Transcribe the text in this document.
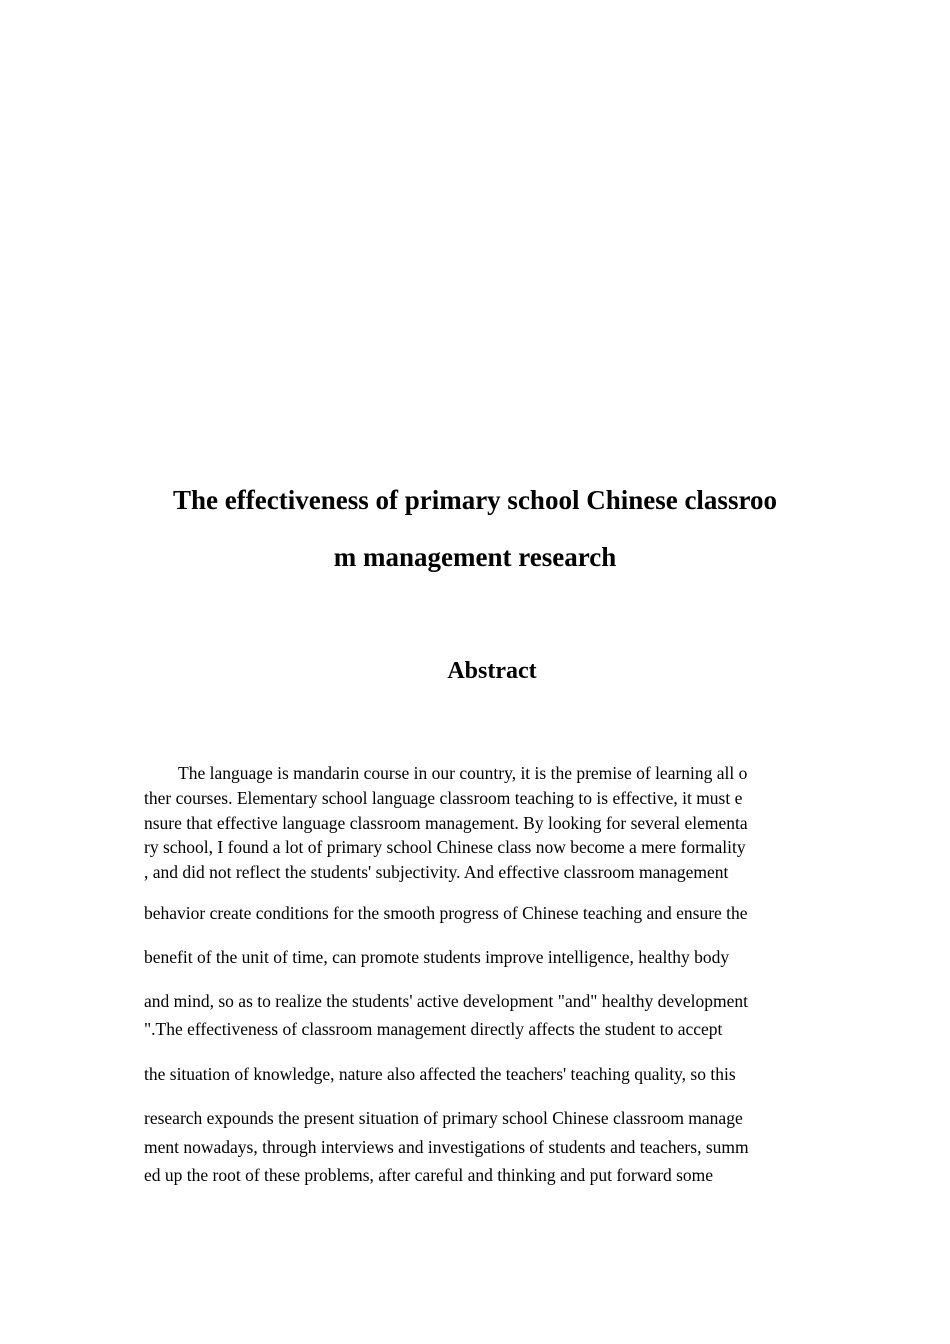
The effectiveness of primary school Chinese classroo
m management research
Abstract
The language is mandarin course in our country, it is the premise of learning all o
ther courses. Elementary school language classroom teaching to is effective, it must e
nsure that effective language classroom management. By looking for several elementa
ry school, I found a lot of primary school Chinese class now become a mere formality
, and did not reflect the students' subjectivity. And effective classroom management
behavior create conditions for the smooth progress of Chinese teaching and ensure the
benefit of the unit of time, can promote students improve intelligence, healthy body
and mind, so as to realize the students' active development "and" healthy development
".The effectiveness of classroom management directly affects the student to accept
the situation of knowledge, nature also affected the teachers' teaching quality, so this
research expounds the present situation of primary school Chinese classroom manage
ment nowadays, through interviews and investigations of students and teachers, summ
ed up the root of these problems, after careful and thinking and put forward some
